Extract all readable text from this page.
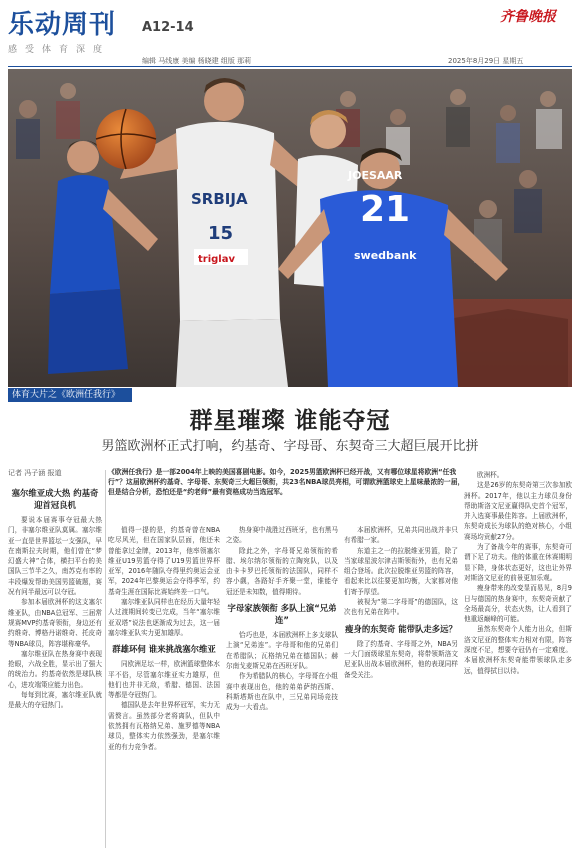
乐动周刊 A12-14
感受体育深度
编辑 马线康 美编 杨晓建 组版 那莉
齐鲁晚报
2025年8月29日 星期五
SRBIJA
15
triglav
JOESAAR
21
swedbank
体育大片之《欧洲任我行》
群星璀璨 谁能夺冠
男篮欧洲杯正式打响，约基奇、字母哥、东契奇三大超巨展开比拼
记者 冯子涵 报道	《欧洲任我行》是一部2004年上映的美国喜剧电影。如今，2025男篮欧洲杯已经开战，又有哪位球星将欧洲“任我行”？这届欧洲杯约基奇、字母哥、东契奇三大超巨领衔，共23名NBA球员亮相，可谓欧洲篮球史上星味最浓的一届，但是结合分析，恐怕还是“约老师”最有资格成功当选冠军。
塞尔维亚成大热 约基奇迎首冠良机

要说本届赛事夺冠最大热门，非塞尔维亚队莫属。塞尔维亚一直是世界篮坛一支强队，早在南斯拉夫时期，他们曾在“梦幻盛大神”合体，横扫平台的美国队三节半之久，南苏克有率的丰段爆发帮助美国男篮破题，赛况有问半最远可以夺冠。

参加本届欧洲杯的这支塞尔维亚队，由NBA总冠军、三届常规赛MVP约基奇领衔，身边还有约维奇、博格丹诺维奇、托皮奇等NBA球员，阵容堪称豪华。

塞尔维亚队在热身赛中表现抢眼，六战全胜，显示出了强大的统治力。约基奇依然是球队核心，进攻端策应能力出色。

每每到比赛，塞尔维亚队就是最大的夺冠热门。

值得一提的是，约基奇曾在NBA吃尽风光，但在国家队层面，他还未曾能拿过金牌，2013年，他率领塞尔维亚U19男篮夺得了U19男篮世界杯亚军，2016年随队夺得里约奥运会亚军，2024年巴黎奥运会夺得季军，约基奇生涯在国际比赛始终差一口气。

塞尔维亚队同样也在经历大量年轻人过渡期间转变已完成，当年“塞尔维亚双塔”说法也逐渐成为过去，这一届塞尔维亚队实力更加雄厚。

群雄环伺 谁来挑战塞尔维亚

同欧洲足坛一样，欧洲篮球整体水平不俗，尽管塞尔维亚实力雄厚，但他们也并非无敌，希腊、德国、法国等都是夺冠热门。

德国队是去年世界杯冠军，实力无需赘言。虽然部分老将离队，但队中依然拥有瓦格纳兄弟、施罗德等NBA球员，整体实力依然强劲，是塞尔维亚的有力竞争者。

热身赛中战胜过西班牙，也有黑马之姿。

除此之外，字母哥兄弟领衔的希腊、埃尔纳尔领衔的立陶宛队，以及由卡卡罗巴托领衔的法国队，同样不容小觑，各路好手齐聚一堂，谁能夺冠还是未知数，值得期待。

字母家族领衔 多队上演“兄弟连”

恰巧也是，本届欧洲杯上多支球队上演“兄弟连”。字母哥和他的兄弟们在希腊队；瓦格纳兄弟在德国队；赫尔南戈麦斯兄弟在西班牙队。

作为希腊队的核心，字母哥在小组赛中表现出色，他的弟弟萨纳西斯、科斯塔斯也在队中，三兄弟同场竞技成为一大看点。

本届欧洲杯，兄弟共同出战并非只有希腊一家。

东道主之一的拉脱维亚男篮，除了当家球星波尔津吉斯领衔外，也有兄弟组合登场。此次拉脱维亚男篮的阵容，看起来比以往要更加均衡，大家都对他们寄予厚望。

被视为“第二字母哥”的德国队，这次也有兄弟在阵中。

瘦身的东契奇 能带队走多远？

除了约基奇、字母哥之外，NBA另一大门面级球星东契奇，将带领斯洛文尼亚队出战本届欧洲杯，他的表现同样备受关注。

欧洲杯。

这是26岁的东契奇第三次参加欧洲杯。2017年，他以主力球员身份帮助斯洛文尼亚赢得队史首个冠军，并入选赛事最佳阵容。上届欧洲杯，东契奇成长为球队的绝对核心，小组赛场均贡献27分。

为了备战今年的赛事，东契奇可谓下足了功夫。他的体重在休赛期明显下降，身体状态更好，这也让外界对斯洛文尼亚的前景更加乐观。

瘦身带来的改变显而易见，8月9日与德国的热身赛中，东契奇贡献了全场最高分，状态火热，让人看到了他重返巅峰的可能。

虽然东契奇个人能力出众，但斯洛文尼亚的整体实力相对有限，阵容深度不足，想要夺冠仍有一定难度。本届欧洲杯东契奇能带领球队走多远，值得拭目以待。
